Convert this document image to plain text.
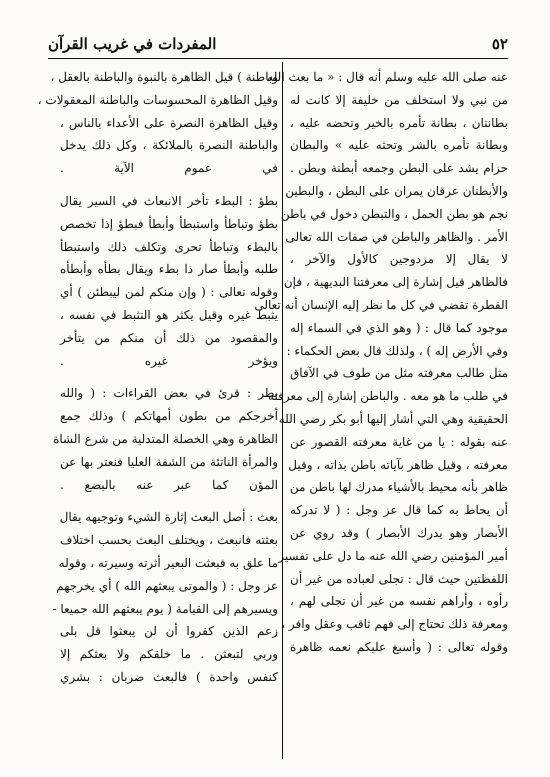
٥٢
المفردات في غريب القرآن
عنه صلى الله عليه وسلم أنه قال : « ما بعث الله
من نبي ولا استخلف من خليفة إلا كانت له
بطانتان ، بطانة تأمره بالخير وتحضه عليه ،
وبطانة تأمره بالشر وتحثه عليه » والبطان
حزام يشد على البطن وجمعه أبطنة وبطن .
والأبطنان عرقان يمران على البطن ، والبطين
نجم هو بطن الحمل ، والتبطن دخول في باطن
الأمر . والظاهر والباطن في صفات الله تعالى
لا يقال إلا مزدوجين كالأول والآخر ،
فالظاهر قيل إشارة إلى معرفتنا البديهية ، فإن
الفطرة تقضي في كل ما نظر إليه الإنسان أنه تعالى
موجود كما قال : ( وهو الذي في السماء إله
وفي الأرض إله ) ، ولذلك قال بعض الحكماء :
مثل طالب معرفته مثل من طوف في الآفاق
في طلب ما هو معه . والباطن إشارة إلى معرفته
الحقيقية وهي التي أشار إليها أبو بكر رضي الله
عنه بقوله : يا من غاية معرفته القصور عن
معرفته ، وقيل ظاهر بآياته باطن بذاته ، وقيل
ظاهر بأنه محيط بالأشياء مدرك لها باطن من
أن يحاط به كما قال عز وجل : ( لا تدركه
الأبصار وهو يدرك الأبصار ) وقد روي عن
أمير المؤمنين رضي الله عنه ما دل على تفسير
اللفظتين حيث قال : تجلى لعباده من غير أن
رأوه ، وأراهم نفسه من غير أن تجلى لهم ،
ومعرفة ذلك تحتاج إلى فهم ثاقب وعقل وافر ،
وقوله تعالى : ( وأسبغ عليكم نعمه ظاهرة
وباطنة ) قيل الظاهرة بالنبوة والباطنة بالعقل ،
وقيل الظاهرة المحسوسات والباطنة المعقولات ،
وقيل الظاهرة النصرة على الأعداء بالناس ،
والباطنة النصرة بالملائكة ، وكل ذلك يدخل
في عموم الآية .
بطؤ : البطء تأخر الانبعاث في السير يقال
بطؤ وتباطأ واستبطأ وأبطأ فبطؤ إذا تخصص
بالبطء وتباطأ تحرى وتكلف ذلك واستبطأ
طلبه وأبطأ صار ذا بطء ويقال بطأه وأبطأه
وقوله تعالى : ( وإن منكم لمن ليبطئن ) أي
يثبط غيره وقيل يكثر هو التثبط في نفسه ،
والمقصود من ذلك أن منكم من يتأخر
ويؤخر غيره .
بطر : قرئ في بعض القراءات : ( والله
أخرجكم من بطون أمهاتكم ) وذلك جمع
الظاهرة وهي الخصلة المتدلية من شرع الشاة
والمرأة الناتئة من الشفة العليا فنعتر بها عن
المؤن كما عبر عنه بالبضع .
بعث : أصل البعث إثارة الشيء وتوجيهه يقال
بعثته فانبعث ، ويختلف البعث بحسب اختلاف
ما علق به فبعثت البعير أثرته وسيرته ، وقوله
عز وجل : ( والموتى يبعثهم الله ) أي يخرجهم
ويسيرهم إلى القيامة ( يوم يبعثهم الله جميعا -
زعم الذين كفروا أن لن يبعثوا قل بلى
وربي لتبعثن . ما خلقكم ولا بعثكم إلا
كنفس واحدة ) فالبعث ضربان : بشري
